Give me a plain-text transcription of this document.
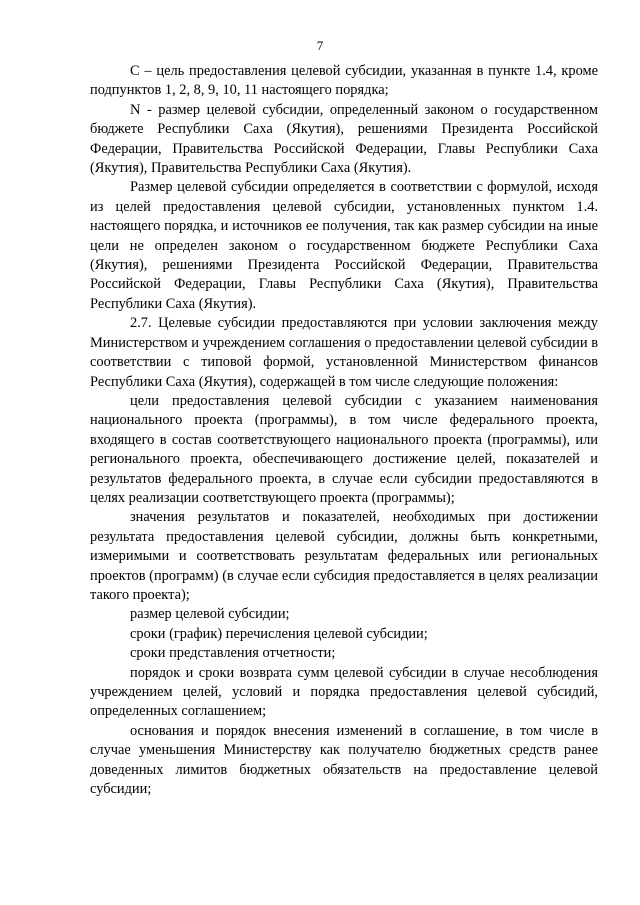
7

C – цель предоставления целевой субсидии, указанная в пункте 1.4, кроме подпунктов 1, 2, 8, 9, 10, 11 настоящего порядка;

N - размер целевой субсидии, определенный законом о государственном бюджете Республики Саха (Якутия), решениями Президента Российской Федерации, Правительства Российской Федерации, Главы Республики Саха (Якутия), Правительства Республики Саха (Якутия).

Размер целевой субсидии определяется в соответствии с формулой, исходя из целей предоставления целевой субсидии, установленных пунктом 1.4. настоящего порядка, и источников ее получения, так как размер субсидии на иные цели не определен законом о государственном бюджете Республики Саха (Якутия), решениями Президента Российской Федерации, Правительства Российской Федерации, Главы Республики Саха (Якутия), Правительства Республики Саха (Якутия).

2.7. Целевые субсидии предоставляются при условии заключения между Министерством и учреждением соглашения о предоставлении целевой субсидии в соответствии с типовой формой, установленной Министерством финансов Республики Саха (Якутия), содержащей в том числе следующие положения:

цели предоставления целевой субсидии с указанием наименования национального проекта (программы), в том числе федерального проекта, входящего в состав соответствующего национального проекта (программы), или регионального проекта, обеспечивающего достижение целей, показателей и результатов федерального проекта, в случае если субсидии предоставляются в целях реализации соответствующего проекта (программы);

значения результатов и показателей, необходимых при достижении результата предоставления целевой субсидии, должны быть конкретными, измеримыми и соответствовать результатам федеральных или региональных проектов (программ) (в случае если субсидия предоставляется в целях реализации такого проекта);

размер целевой субсидии;

сроки (график) перечисления целевой субсидии;

сроки представления отчетности;

порядок и сроки возврата сумм целевой субсидии в случае несоблюдения учреждением целей, условий и порядка предоставления целевой субсидий, определенных соглашением;

основания и порядок внесения изменений в соглашение, в том числе в случае уменьшения Министерству как получателю бюджетных средств ранее доведенных лимитов бюджетных обязательств на предоставление целевой субсидии;
